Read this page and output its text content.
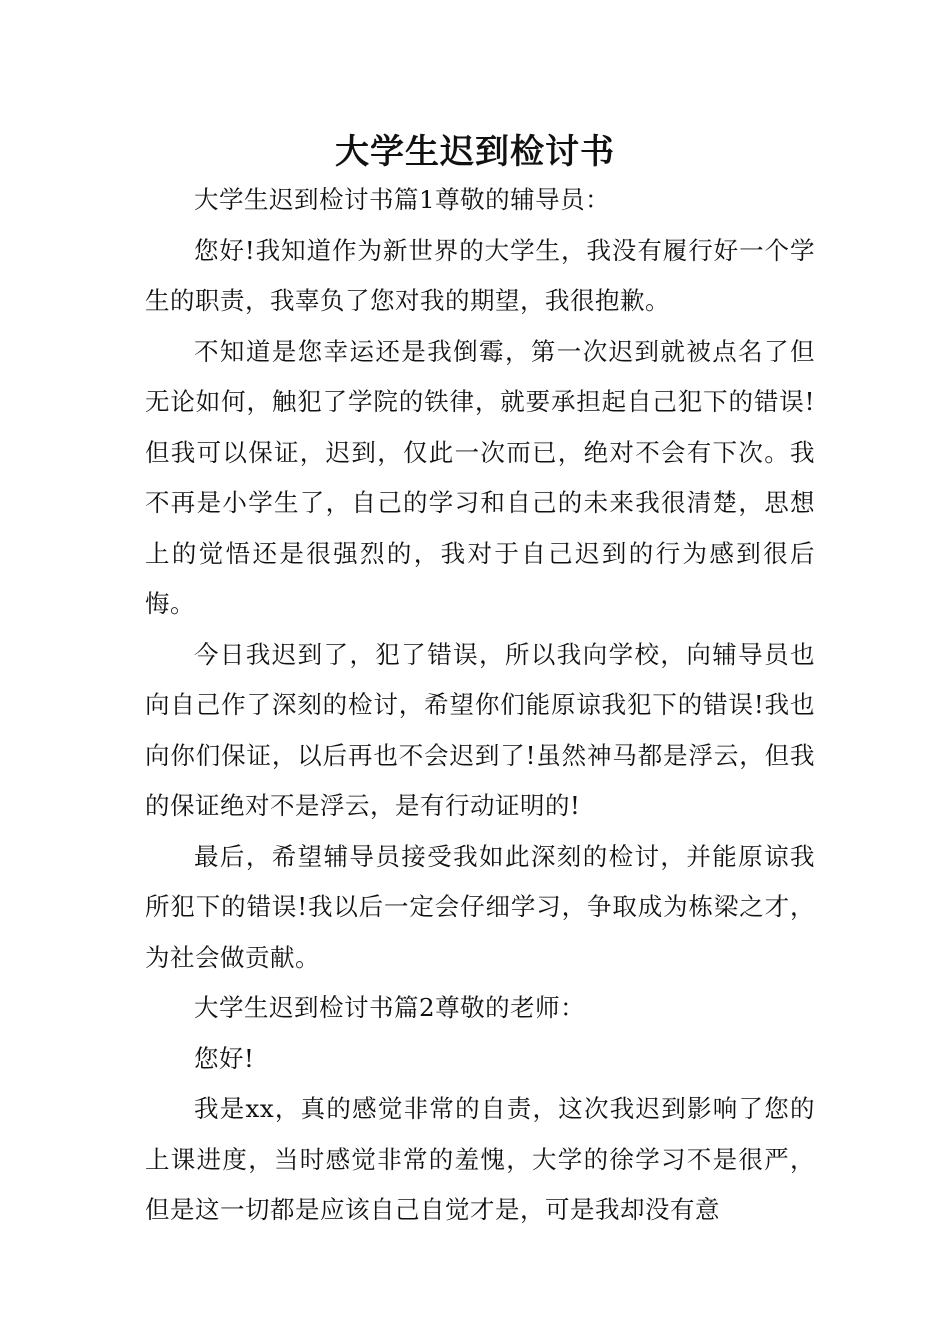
大学生迟到检讨书

大学生迟到检讨书篇1尊敬的辅导员：

您好!我知道作为新世界的大学生，我没有履行好一个学生的职责，我辜负了您对我的期望，我很抱歉。

不知道是您幸运还是我倒霉，第一次迟到就被点名了但无论如何，触犯了学院的铁律，就要承担起自己犯下的错误!但我可以保证，迟到，仅此一次而已，绝对不会有下次。我不再是小学生了，自己的学习和自己的未来我很清楚，思想上的觉悟还是很强烈的，我对于自己迟到的行为感到很后悔。

今日我迟到了，犯了错误，所以我向学校，向辅导员也向自己作了深刻的检讨，希望你们能原谅我犯下的错误!我也向你们保证，以后再也不会迟到了!虽然神马都是浮云，但我的保证绝对不是浮云，是有行动证明的!

最后，希望辅导员接受我如此深刻的检讨，并能原谅我所犯下的错误!我以后一定会仔细学习，争取成为栋梁之才，为社会做贡献。

大学生迟到检讨书篇2尊敬的老师：

您好!

我是xx，真的感觉非常的自责，这次我迟到影响了您的上课进度，当时感觉非常的羞愧，大学的徐学习不是很严，但是这一切都是应该自己自觉才是，可是我却没有意
